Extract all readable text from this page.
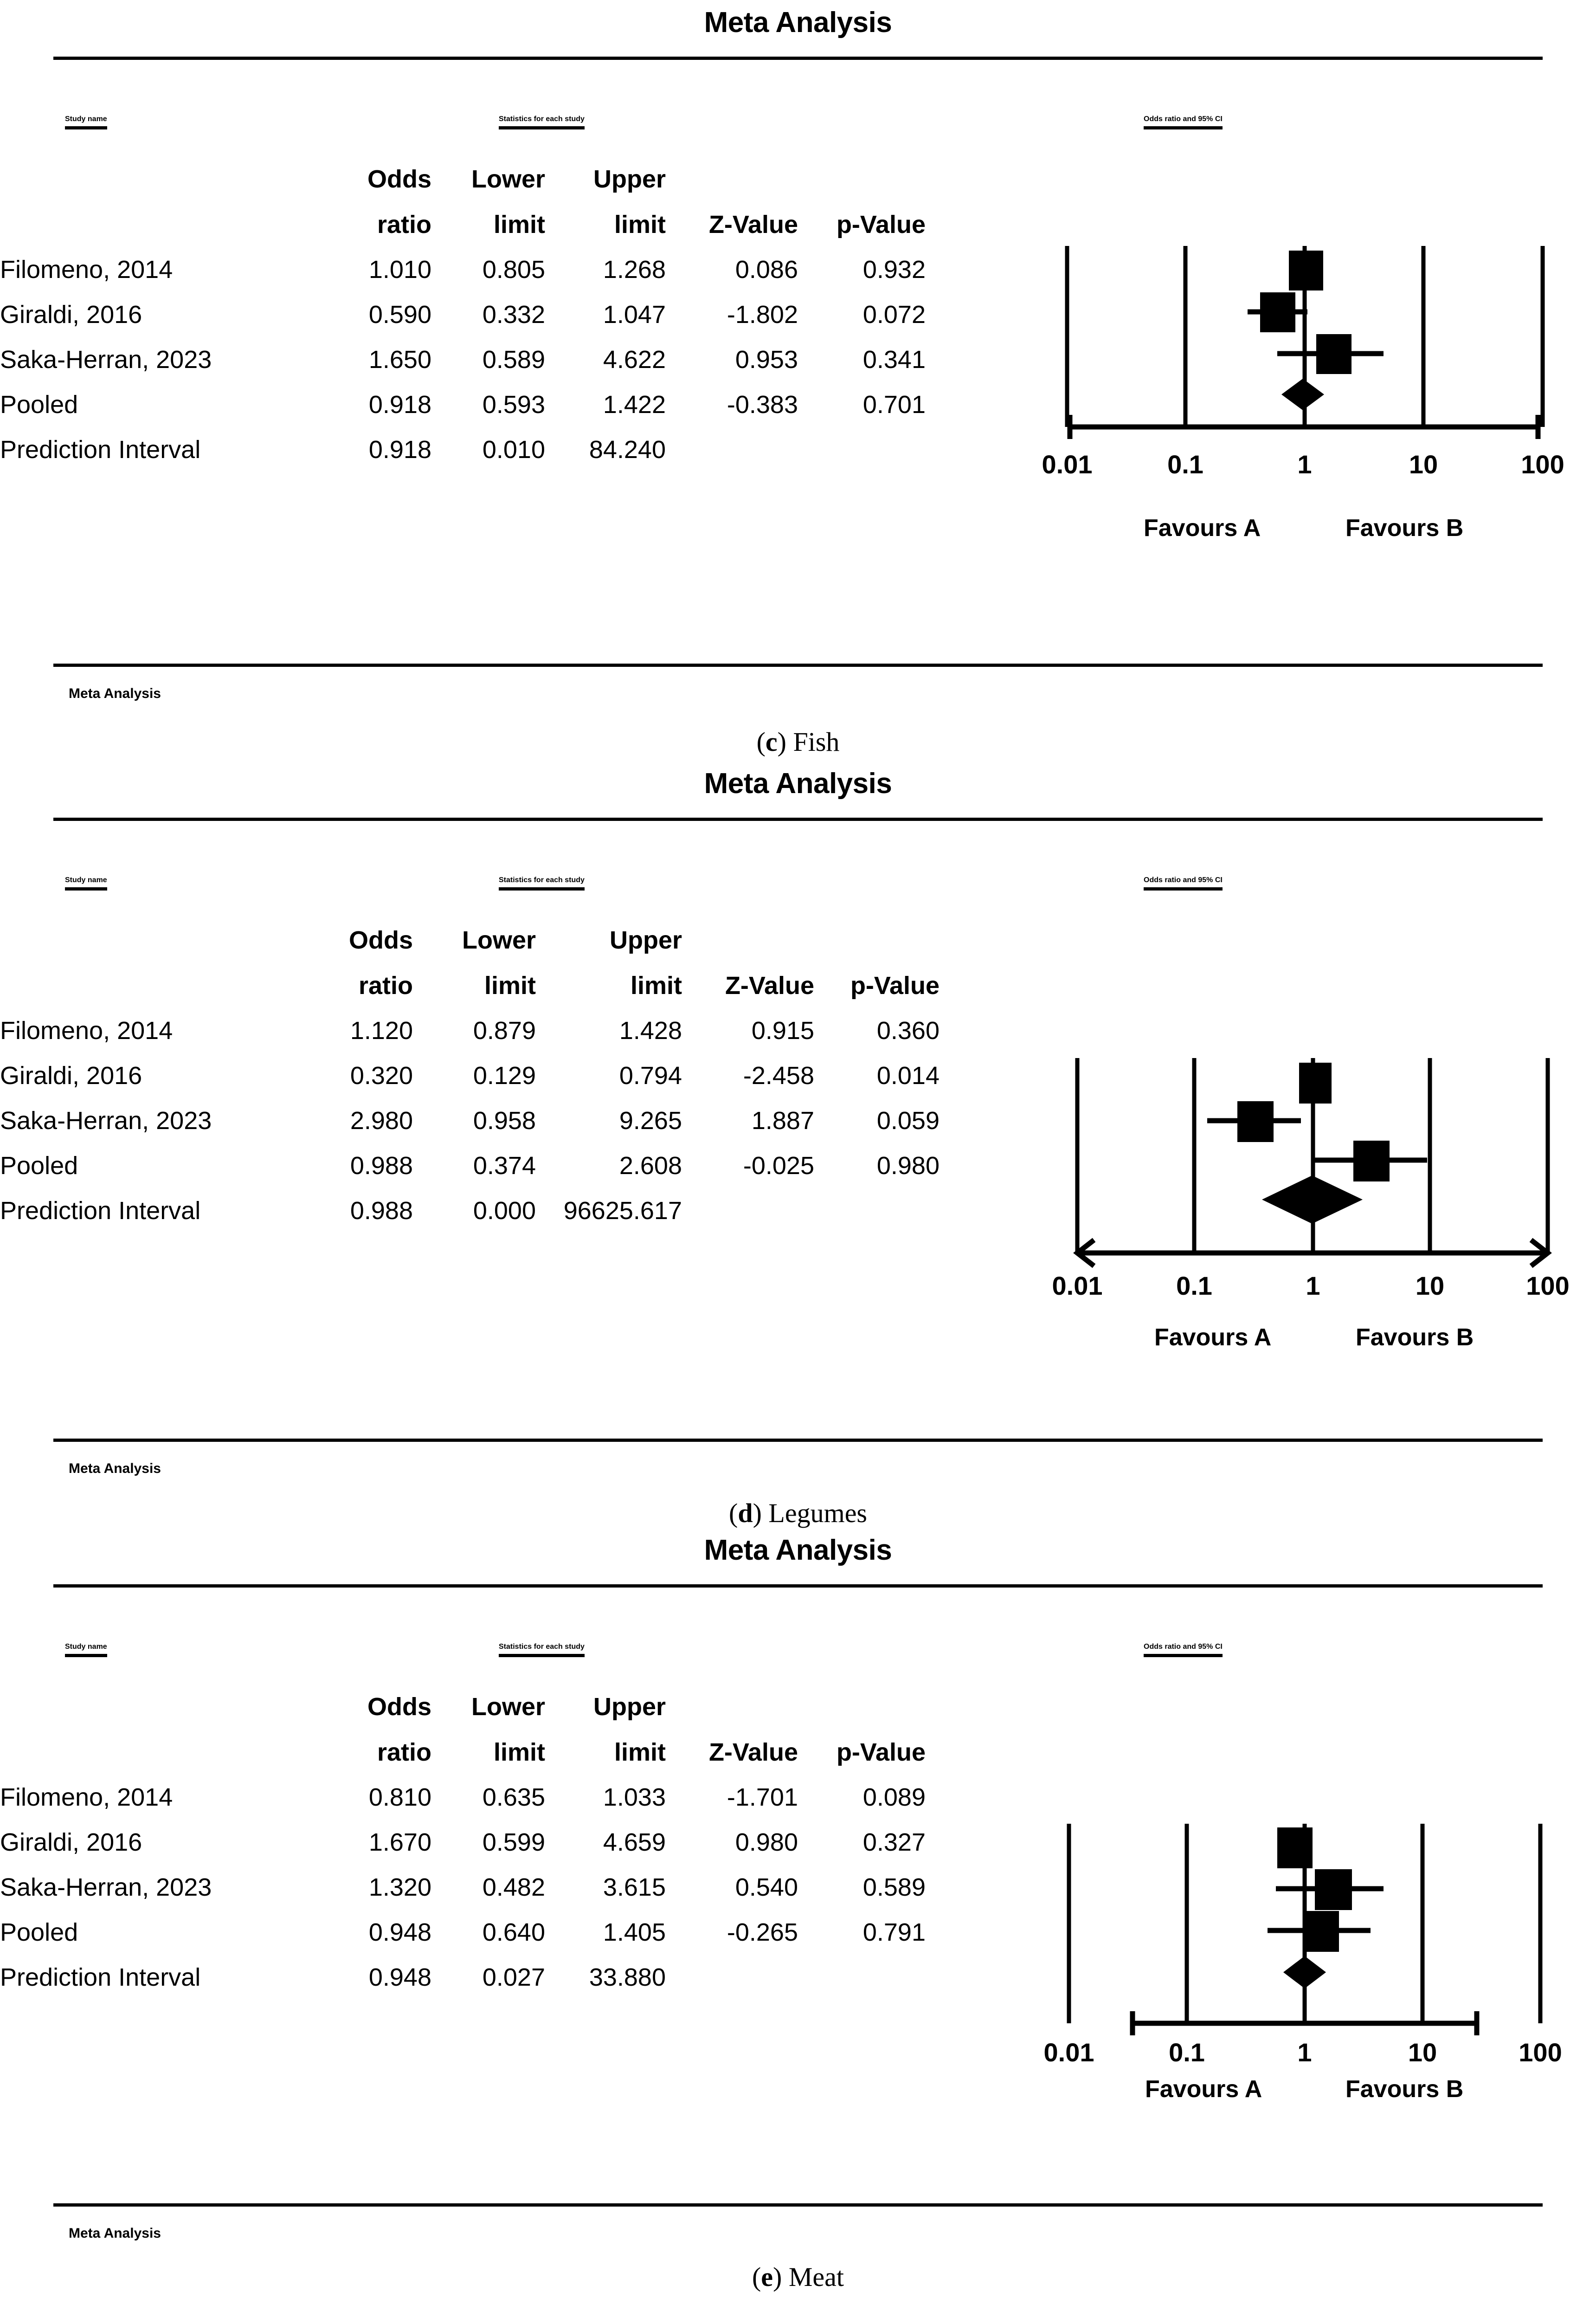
Meta Analysis
Study name	Statistics for each study	Odds ratio and 95% CI
	Odds	Lower	Upper		
	ratio	limit	limit	Z-Value	p-Value
Filomeno, 2014	1.010	0.805	1.268	0.086	0.932
Giraldi, 2016	0.590	0.332	1.047	-1.802	0.072
Saka-Herran, 2023	1.650	0.589	4.622	0.953	0.341
Pooled	0.918	0.593	1.422	-0.383	0.701
Prediction Interval	0.918	0.010	84.240			0.01	0.1	1	10	100
Favours A	Favours B
Meta Analysis
(c) Fish
Meta Analysis
Study name	Statistics for each study	Odds ratio and 95% CI
	Odds	Lower	Upper		
	ratio	limit	limit	Z-Value	p-Value
Filomeno, 2014	1.120	0.879	1.428	0.915	0.360
Giraldi, 2016	0.320	0.129	0.794	-2.458	0.014
Saka-Herran, 2023	2.980	0.958	9.265	1.887	0.059
Pooled	0.988	0.374	2.608	-0.025	0.980
Prediction Interval	0.988	0.000	96625.617		
0.01	0.1	1	10	100
Favours A	Favours B
Meta Analysis
(d) Legumes
Meta Analysis
Study name	Statistics for each study	Odds ratio and 95% CI
	Odds	Lower	Upper		
	ratio	limit	limit	Z-Value	p-Value
Filomeno, 2014	0.810	0.635	1.033	-1.701	0.089
Giraldi, 2016	1.670	0.599	4.659	0.980	0.327
Saka-Herran, 2023	1.320	0.482	3.615	0.540	0.589
Pooled	0.948	0.640	1.405	-0.265	0.791
Prediction Interval	0.948	0.027	33.880		
0.01	0.1	1	10	100
Favours A	Favours B
Meta Analysis
(e) Meat
